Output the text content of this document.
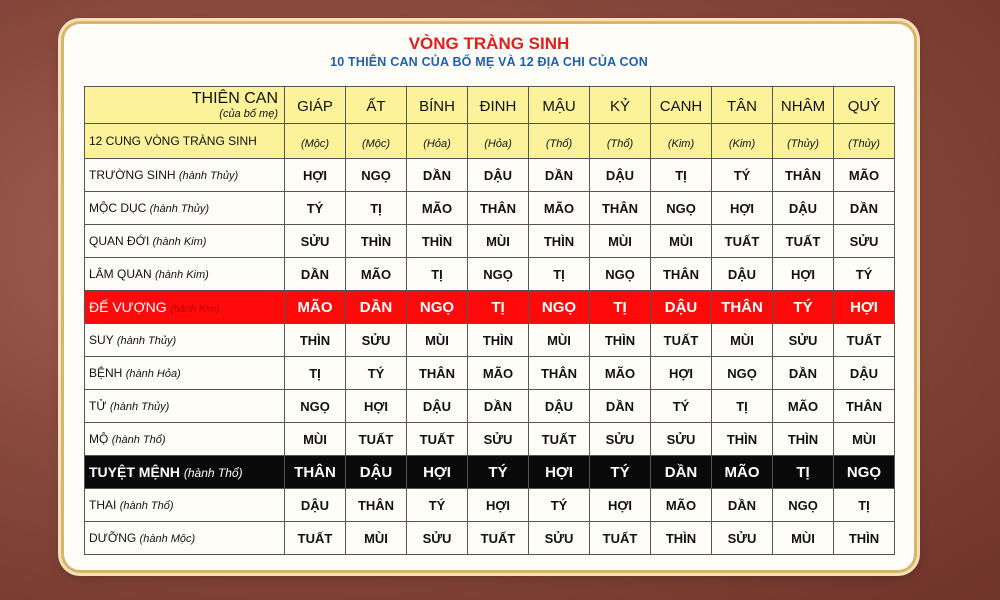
VÒNG TRÀNG SINH
10 THIÊN CAN CỦA BỐ MẸ VÀ 12 ĐỊA CHI CỦA CON
THIÊN CAN
(của bố mẹ)	GIÁP	ẤT	BÍNH	ĐINH	MẬU	KỶ	CANH	TÂN	NHÂM	QUÝ

12 CUNG VÒNG TRÀNG SINH	(Mộc)	(Mộc)	(Hỏa)	(Hỏa)	(Thổ)	(Thổ)	(Kim)	(Kim)	(Thủy)	(Thủy)

TRƯỜNG SINH (hành Thủy)	HỢI	NGỌ	DẦN	DẬU	DẦN	DẬU	TỊ	TÝ	THÂN	MÃO
MỘC DỤC (hành Thủy)	TÝ	TỊ	MÃO	THÂN	MÃO	THÂN	NGỌ	HỢI	DẬU	DẦN
QUAN ĐỚI (hành Kim)	SỬU	THÌN	THÌN	MÙI	THÌN	MÙI	MÙI	TUẤT	TUẤT	SỬU
LÂM QUAN (hành Kim)	DẦN	MÃO	TỊ	NGỌ	TỊ	NGỌ	THÂN	DẬU	HỢI	TÝ
ĐẾ VƯỢNG (hành Kim)	MÃO	DẦN	NGỌ	TỊ	NGỌ	TỊ	DẬU	THÂN	TÝ	HỢI
SUY (hành Thủy)	THÌN	SỬU	MÙI	THÌN	MÙI	THÌN	TUẤT	MÙI	SỬU	TUẤT
BỆNH (hành Hỏa)	TỊ	TÝ	THÂN	MÃO	THÂN	MÃO	HỢI	NGỌ	DẦN	DẬU
TỬ (hành Thủy)	NGỌ	HỢI	DẬU	DẦN	DẬU	DẦN	TÝ	TỊ	MÃO	THÂN
MỘ (hành Thổ)	MÙI	TUẤT	TUẤT	SỬU	TUẤT	SỬU	SỬU	THÌN	THÌN	MÙI
TUYỆT MỆNH (hành Thổ)	THÂN	DẬU	HỢI	TÝ	HỢI	TÝ	DẦN	MÃO	TỊ	NGỌ
THAI (hành Thổ)	DẬU	THÂN	TÝ	HỢI	TÝ	HỢI	MÃO	DẦN	NGỌ	TỊ
DƯỠNG (hành Mộc)	TUẤT	MÙI	SỬU	TUẤT	SỬU	TUẤT	THÌN	SỬU	MÙI	THÌN
